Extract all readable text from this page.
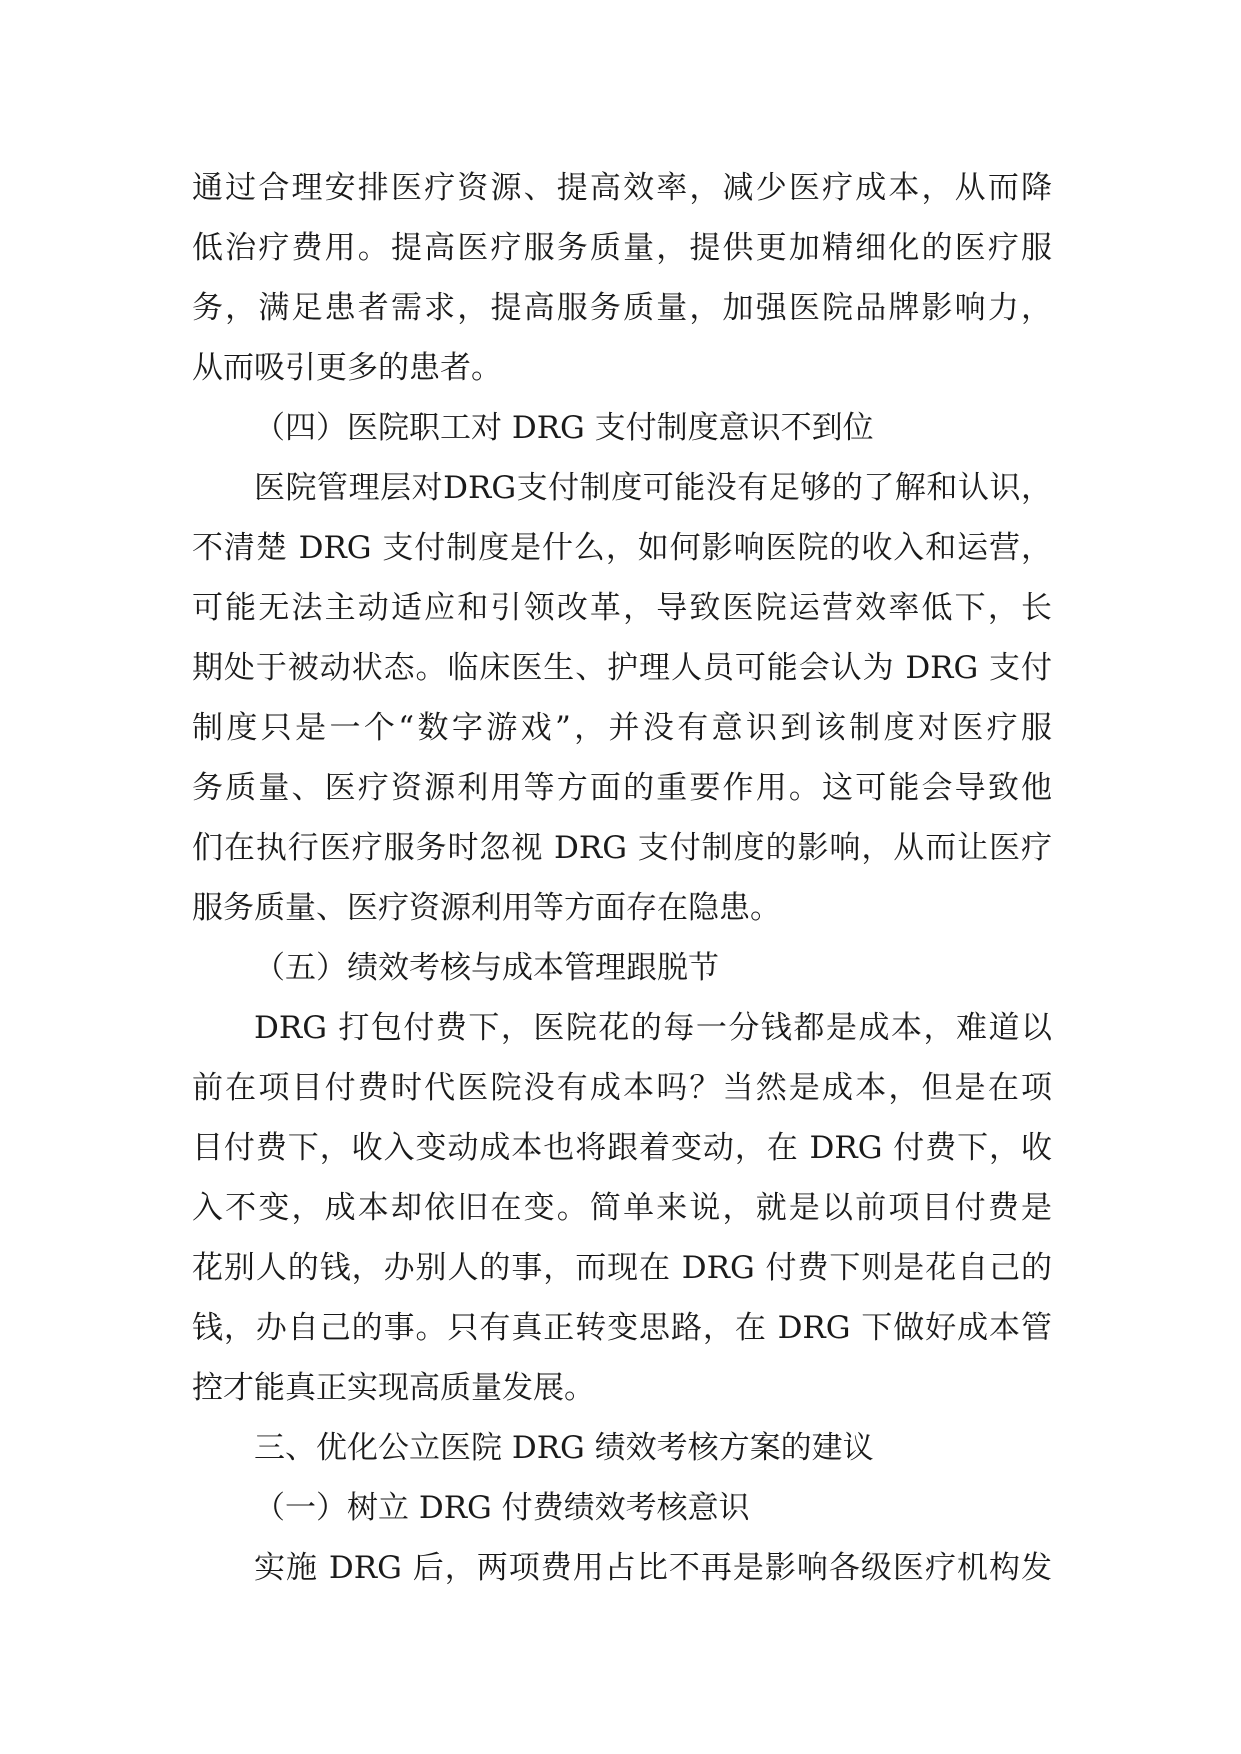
通过合理安排医疗资源、提高效率，减少医疗成本，从而降
低治疗费用。提高医疗服务质量，提供更加精细化的医疗服
务，满足患者需求，提高服务质量，加强医院品牌影响力，
从而吸引更多的患者。
（四）医院职工对 DRG 支付制度意识不到位
医院管理层对DRG支付制度可能没有足够的了解和认识，
不清楚 DRG 支付制度是什么，如何影响医院的收入和运营，
可能无法主动适应和引领改革，导致医院运营效率低下，长
期处于被动状态。临床医生、护理人员可能会认为 DRG 支付
制度只是一个“数字游戏”，并没有意识到该制度对医疗服
务质量、医疗资源利用等方面的重要作用。这可能会导致他
们在执行医疗服务时忽视 DRG 支付制度的影响，从而让医疗
服务质量、医疗资源利用等方面存在隐患。
（五）绩效考核与成本管理跟脱节
DRG 打包付费下，医院花的每一分钱都是成本，难道以
前在项目付费时代医院没有成本吗？当然是成本，但是在项
目付费下，收入变动成本也将跟着变动，在 DRG 付费下，收
入不变，成本却依旧在变。简单来说，就是以前项目付费是
花别人的钱，办别人的事，而现在 DRG 付费下则是花自己的
钱，办自己的事。只有真正转变思路，在 DRG 下做好成本管
控才能真正实现高质量发展。
三、优化公立医院 DRG 绩效考核方案的建议
（一）树立 DRG 付费绩效考核意识
实施 DRG 后，两项费用占比不再是影响各级医疗机构发
